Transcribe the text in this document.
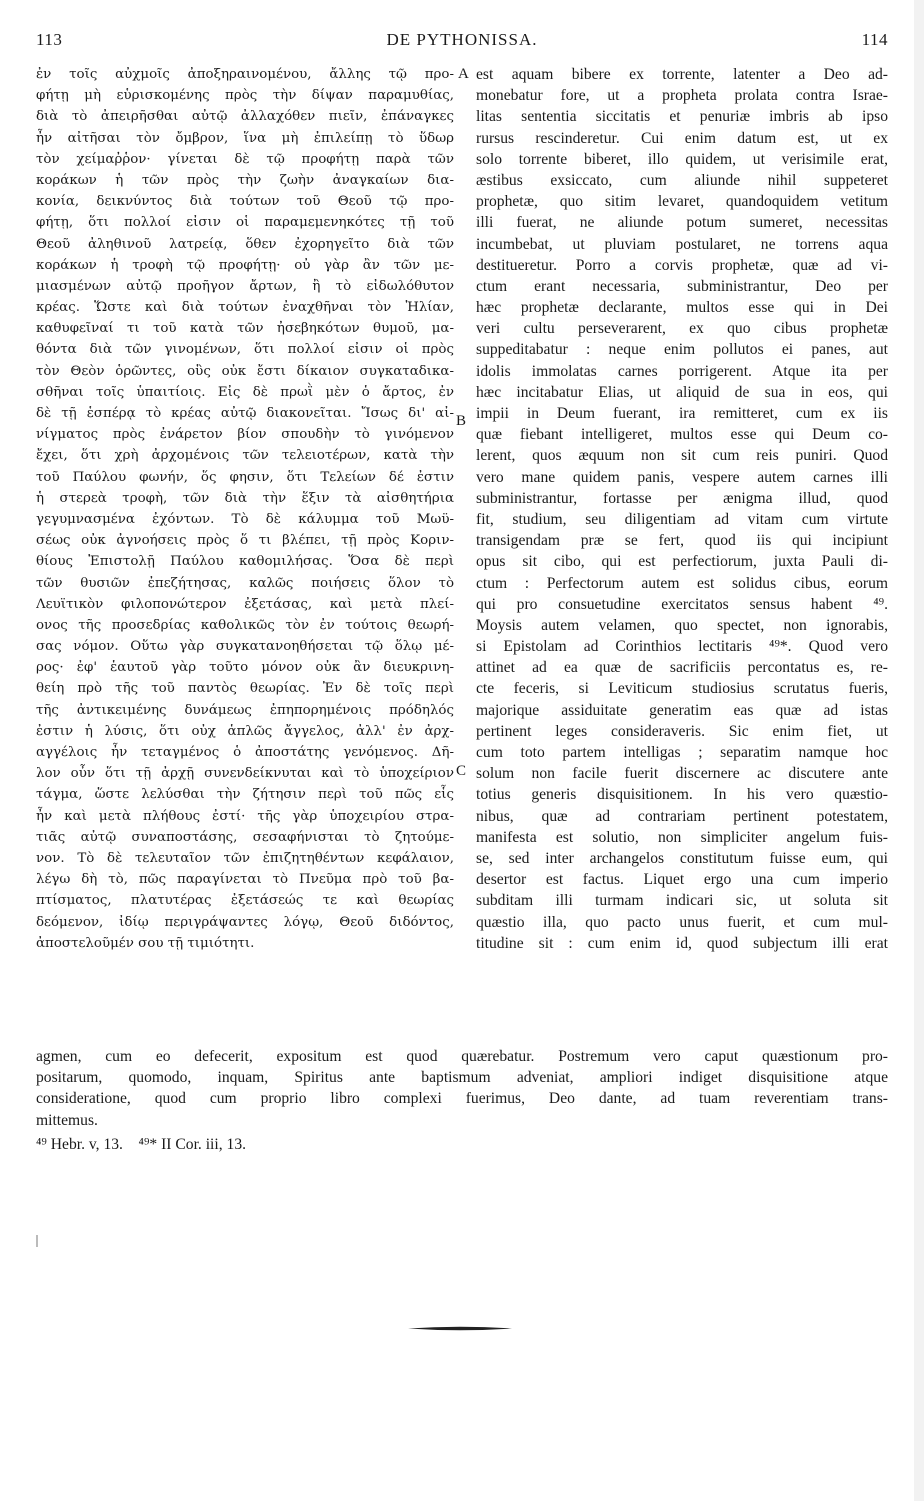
DE PYTHONISSA.
113	114
ἐν τοῖς αὐχμοῖς ἀποξηραινομένου, ἄλλης τῷ προ-
φήτῃ μὴ εὑρισκομένης πρὸς τὴν δίψαν παραμυθίας,
διὰ τὸ ἀπειρῆσθαι αὐτῷ ἀλλαχόθεν πιεῖν, ἐπάναγκες
ἦν αἰτῆσαι τὸν ὄμβρον, ἵνα μὴ ἐπιλείπῃ τὸ ὕδωρ
τὸν χείμαῤῥον· γίνεται δὲ τῷ προφήτῃ παρὰ τῶν
κοράκων ἡ τῶν πρὸς τὴν ζωὴν ἀναγκαίων δια-
κονία, δεικνύντος διὰ τούτων τοῦ Θεοῦ τῷ προ-
φήτῃ, ὅτι πολλοί εἰσιν οἱ παραμεμενηκότες τῇ τοῦ
Θεοῦ ἀληθινοῦ λατρείᾳ, ὅθεν ἐχορηγεῖτο διὰ τῶν
κοράκων ἡ τροφὴ τῷ προφήτῃ· οὐ γὰρ ἂν τῶν με-
μιασμένων αὐτῷ προῆγον ἄρτων, ἢ τὸ εἰδωλόθυτον
κρέας. Ὥστε καὶ διὰ τούτων ἐναχθῆναι τὸν Ἠλίαν,
καθυφεῖναί τι τοῦ κατὰ τῶν ἠσεβηκότων θυμοῦ, μα-
θόντα διὰ τῶν γινομένων, ὅτι πολλοί εἰσιν οἱ πρὸς
τὸν Θεὸν ὁρῶντες, οὓς οὐκ ἔστι δίκαιον συγκαταδικα-
σθῆναι τοῖς ὑπαιτίοις. Εἰς δὲ πρωῒ μὲν ὁ ἄρτος, ἐν
δὲ τῇ ἑσπέρᾳ τὸ κρέας αὐτῷ διακονεῖται. Ἴσως δι' αἰ-
νίγματος πρὸς ἐνάρετον βίον σπουδὴν τὸ γινόμενον
ἔχει, ὅτι χρὴ ἀρχομένοις τῶν τελειοτέρων, κατὰ τὴν
τοῦ Παύλου φωνήν, ὅς φησιν, ὅτι Τελείων δέ ἐστιν
ἡ στερεὰ τροφὴ, τῶν διὰ τὴν ἕξιν τὰ αἰσθητήρια
γεγυμνασμένα ἐχόντων. Τὸ δὲ κάλυμμα τοῦ Μωϋ-
σέως οὐκ ἀγνοήσεις πρὸς ὅ τι βλέπει, τῇ πρὸς Κοριν-
θίους Ἐπιστολῇ Παύλου καθομιλήσας. Ὅσα δὲ περὶ
τῶν θυσιῶν ἐπεζήτησας, καλῶς ποιήσεις ὅλον τὸ
Λευϊτικὸν φιλοπονώτερον ἐξετάσας, καὶ μετὰ πλεί-
ονος τῆς προσεδρίας καθολικῶς τὸν ἐν τούτοις θεωρή-
σας νόμον. Οὕτω γὰρ συγκατανοηθήσεται τῷ ὅλῳ μέ-
ρος· ἐφ' ἑαυτοῦ γὰρ τοῦτο μόνον οὐκ ἂν διευκρινη-
θείη πρὸ τῆς τοῦ παντὸς θεωρίας. Ἐν δὲ τοῖς περὶ
τῆς ἀντικειμένης δυνάμεως ἐπηπορημένοις πρόδηλός
ἐστιν ἡ λύσις, ὅτι οὐχ ἁπλῶς ἄγγελος, ἀλλ' ἐν ἀρχ-
αγγέλοις ἦν τεταγμένος ὁ ἀποστάτης γενόμενος. Δῆ-
λον οὖν ὅτι τῇ ἀρχῇ συνενδείκνυται καὶ τὸ ὑποχείριον
τάγμα, ὥστε λελύσθαι τὴν ζήτησιν περὶ τοῦ πῶς εἷς
ἦν καὶ μετὰ πλήθους ἐστί· τῆς γὰρ ὑποχειρίου στρα-
τιᾶς αὐτῷ συναποστάσης, σεσαφήνισται τὸ ζητούμε-
νον. Τὸ δὲ τελευταῖον τῶν ἐπιζητηθέντων κεφάλαιον,
λέγω δὴ τὸ, πῶς παραγίνεται τὸ Πνεῦμα πρὸ τοῦ βα-
πτίσματος, πλατυτέρας ἐξετάσεώς τε καὶ θεωρίας
δεόμενον, ἰδίῳ περιγράψαντες λόγῳ, Θεοῦ διδόντος,
ἀποστελοῦμέν σου τῇ τιμιότητι.
est aquam bibere ex torrente, latenter a Deo ad-
monebatur fore, ut a propheta prolata contra Israe-
litas sententia siccitatis et penuriæ imbris ab ipso
rursus rescinderetur. Cui enim datum est, ut ex
solo torrente biberet, illo quidem, ut verisimile erat,
æstibus exsiccato, cum aliunde nihil suppeteret
prophetæ, quo sitim levaret, quandoquidem vetitum
illi fuerat, ne aliunde potum sumeret, necessitas
incumbebat, ut pluviam postularet, ne torrens aqua
destitueretur. Porro a corvis prophetæ, quæ ad vi-
ctum erant necessaria, subministrantur, Deo per
hæc prophetæ declarante, multos esse qui in Dei
veri cultu perseverarent, ex quo cibus prophetæ
suppeditabatur : neque enim pollutos ei panes, aut
idolis immolatas carnes porrigerent. Atque ita per
hæc incitabatur Elias, ut aliquid de sua in eos, qui
impii in Deum fuerant, ira remitteret, cum ex iis
quæ fiebant intelligeret, multos esse qui Deum co-
lerent, quos æquum non sit cum reis puniri. Quod
vero mane quidem panis, vespere autem carnes illi
subministrantur, fortasse per ænigma illud, quod
fit, studium, seu diligentiam ad vitam cum virtute
transigendam præ se fert, quod iis qui incipiunt
opus sit cibo, qui est perfectiorum, juxta Pauli di-
ctum : Perfectorum autem est solidus cibus, eorum
qui pro consuetudine exercitatos sensus habent ⁴⁹.
Moysis autem velamen, quo spectet, non ignorabis,
si Epistolam ad Corinthios lectitaris ⁴⁹*. Quod vero
attinet ad ea quæ de sacrificiis percontatus es, re-
cte feceris, si Leviticum studiosius scrutatus fueris,
majorique assiduitate generatim eas quæ ad istas
pertinent leges consideraveris. Sic enim fiet, ut
cum toto partem intelligas ; separatim namque hoc
solum non facile fuerit discernere ac discutere ante
totius generis disquisitionem. In his vero quæstio-
nibus, quæ ad contrariam pertinent potestatem,
manifesta est solutio, non simpliciter angelum fuis-
se, sed inter archangelos constitutum fuisse eum, qui
desertor est factus. Liquet ergo una cum imperio
subditam illi turmam indicari sic, ut soluta sit
quæstio illa, quo pacto unus fuerit, et cum mul-
titudine sit : cum enim id, quod subjectum illi erat
A
B
C
agmen, cum eo defecerit, expositum est quod quærebatur. Postremum vero caput quæstionum pro-
positarum, quomodo, inquam, Spiritus ante baptismum adveniat, ampliori indiget disquisitione atque
consideratione, quod cum proprio libro complexi fuerimus, Deo dante, ad tuam reverentiam trans-
mittemus.
⁴⁹ Hebr. v, 13. ⁴⁹* II Cor. iii, 13.
